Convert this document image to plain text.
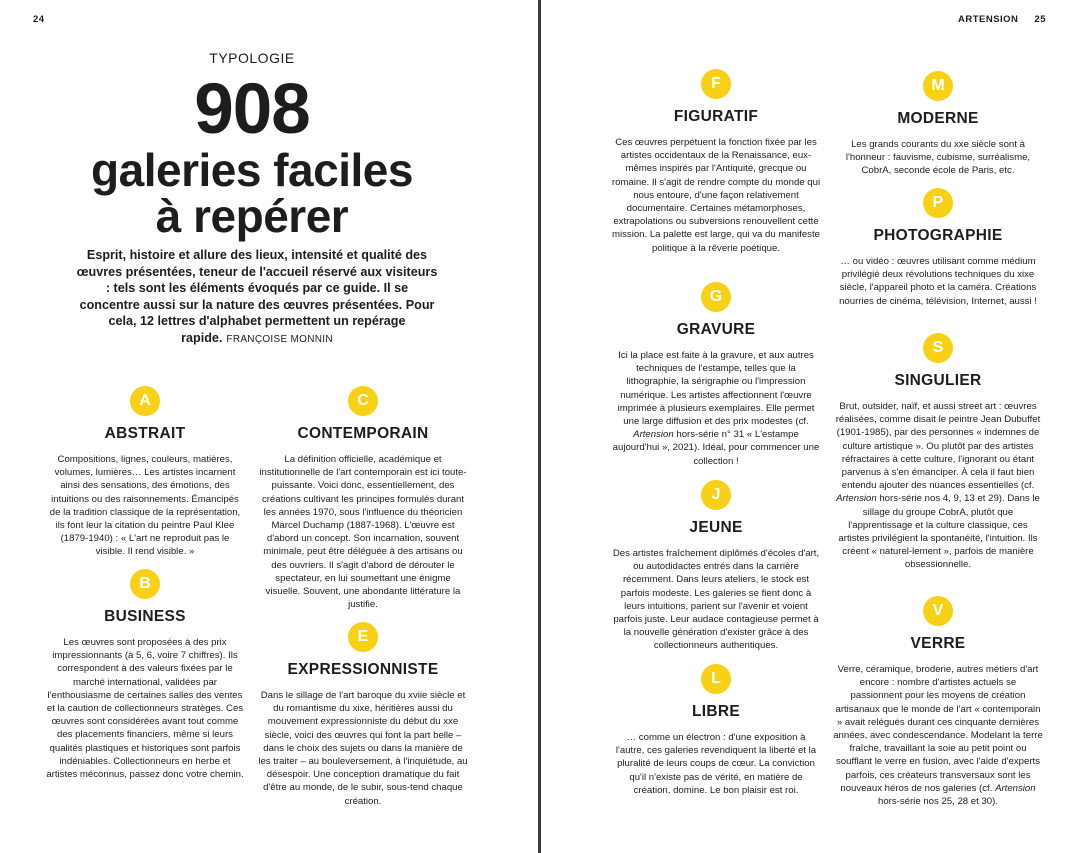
24
TYPOLOGIE
908
galeries faciles
à repérer

Esprit, histoire et allure des lieux, intensité et qualité des œuvres présentées, teneur de l'accueil réservé aux visiteurs : tels sont les éléments évoqués par ce guide. Il se concentre aussi sur la nature des œuvres présentées. Pour cela, 12 lettres d'alphabet permettent un repérage rapide. FRANÇOISE MONNIN

A
ABSTRAIT

Compositions, lignes, couleurs, matières, volumes, lumières… Les artistes incarnent ainsi des sensations, des émotions, des intuitions ou des raisonnements. Émancipés de la tradition classique de la représentation, ils font leur la citation du peintre Paul Klee (1879-1940) : « L'art ne reproduit pas le visible. Il rend visible. »

B
BUSINESS

Les œuvres sont proposées à des prix impressionnants (à 5, 6, voire 7 chiffres). Ils correspondent à des valeurs fixées par le marché international, validées par l'enthousiasme de certaines salles des ventes et la caution de collectionneurs stratèges. Ces œuvres sont considérées avant tout comme des placements financiers, même si leurs qualités plastiques et historiques sont parfois indéniables. Collectionneurs en herbe et artistes méconnus, passez donc votre chemin.

C
CONTEMPORAIN

La définition officielle, académique et institutionnelle de l'art contemporain est ici toute-puissante. Voici donc, essentiellement, des créations cultivant les principes formulés durant les années 1970, sous l'influence du théoricien Marcel Duchamp (1887-1968). L'œuvre est d'abord un concept. Son incarnation, souvent minimale, peut être déléguée à des artisans ou des ouvriers. Il s'agit d'abord de dérouter le spectateur, en lui soumettant une énigme visuelle. Souvent, une abondante littérature la justifie.

E
EXPRESSIONNISTE

Dans le sillage de l'art baroque du xviie siècle et du romantisme du xixe, héritières aussi du mouvement expressionniste du début du xxe siècle, voici des œuvres qui font la part belle – dans le choix des sujets ou dans la manière de les traiter – au bouleversement, à l'inquiétude, au désespoir. Une conception dramatique du fait d'être au monde, de le subir, sous-tend chaque création.

ARTENSION 25
F
FIGURATIF

Ces œuvres perpétuent la fonction fixée par les artistes occidentaux de la Renaissance, eux-mêmes inspirés par l'Antiquité, grecque ou romaine. Il s'agit de rendre compte du monde qui nous entoure, d'une façon relativement documentaire. Certaines métamorphoses, extrapolations ou subversions renouvellent cette mission. La palette est large, qui va du manifeste politique à la rêverie poétique.

G
GRAVURE

Ici la place est faite à la gravure, et aux autres techniques de l'estampe, telles que la lithographie, la sérigraphie ou l'impression numérique. Les artistes affectionnent l'œuvre imprimée à plusieurs exemplaires. Elle permet une large diffusion et des prix modestes (cf. Artension hors-série n° 31 « L'estampe aujourd'hui », 2021). Idéal, pour commencer une collection !

J
JEUNE

Des artistes fraîchement diplômés d'écoles d'art, ou autodidactes entrés dans la carrière récemment. Dans leurs ateliers, le stock est parfois modeste. Les galeries se fient donc à leurs intuitions, parient sur l'avenir et voient parfois juste. Leur audace contagieuse permet à la nouvelle génération d'exister grâce à des collectionneurs authentiques.

L
LIBRE

… comme un électron : d'une exposition à l'autre, ces galeries revendiquent la liberté et la pluralité de leurs coups de cœur. La conviction qu'il n'existe pas de vérité, en matière de création, domine. Le bon plaisir est roi.

M
MODERNE

Les grands courants du xxe siècle sont à l'honneur : fauvisme, cubisme, surréalisme, CobrA, seconde école de Paris, etc.

P
PHOTOGRAPHIE

… ou vidéo : œuvres utilisant comme médium privilégié deux révolutions techniques du xixe siècle, l'appareil photo et la caméra. Créations nourries de cinéma, télévision, Internet, aussi !

S
SINGULIER

Brut, outsider, naïf, et aussi street art : œuvres réalisées, comme disait le peintre Jean Dubuffet (1901-1985), par des personnes « indemnes de culture artistique ». Ou plutôt par des artistes réfractaires à cette culture, l'ignorant ou étant parvenus à s'en émanciper. À cela il faut bien entendu ajouter des nuances essentielles (cf. Artension hors-série nos 4, 9, 13 et 29). Dans le sillage du groupe CobrA, plutôt que l'apprentissage et la culture classique, ces artistes privilégient la spontanéité, l'intuition. Ils créent « naturel-lement », parfois de manière obsessionnelle.

V
VERRE

Verre, céramique, broderie, autres métiers d'art encore : nombre d'artistes actuels se passionnent pour les moyens de création artisanaux que le monde de l'art « contemporain » avait relégués durant ces cinquante dernières années, avec condescendance. Modelant la terre fraîche, travaillant la soie au petit point ou soufflant le verre en fusion, avec l'aide d'experts parfois, ces créateurs transversaux sont les nouveaux héros de nos galeries (cf. Artension hors-série nos 25, 28 et 30).
